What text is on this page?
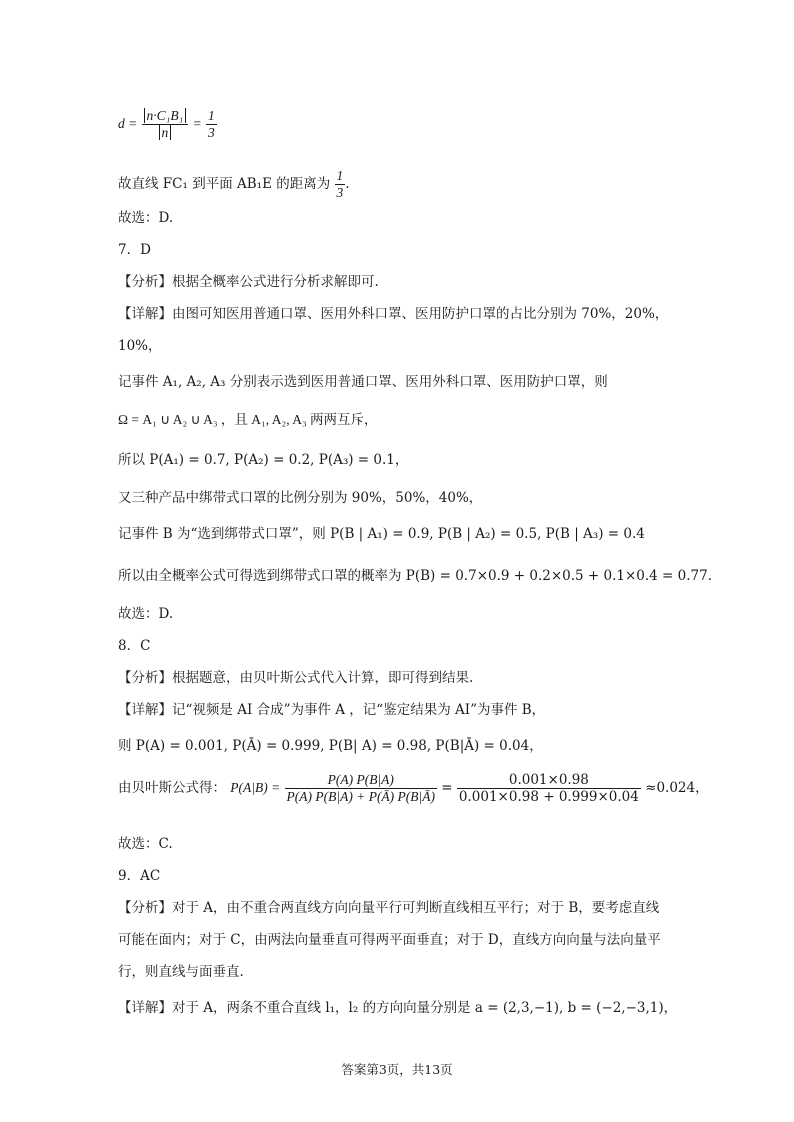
$d = \frac{\text{n·C₁B₁}}{n} = \frac{1}{3}$
故直线 FC₁ 到平面 AB₁E 的距离为 $\frac{1}{3}$ .
故选：D.
7．D
【分析】根据全概率公式进行分析求解即可.
【详解】由图可知医用普通口罩、医用外科口罩、医用防护口罩的占比分别为 70%，20%，
10%，
记事件 A₁, A₂, A₃ 分别表示选到医用普通口罩、医用外科口罩、医用防护口罩，则
Ω = A₁ ∪ A₂ ∪ A₃ ，且 A₁, A₂, A₃ 两两互斥，
所以 P(A₁) = 0.7, P(A₂) = 0.2, P(A₃) = 0.1，
又三种产品中绑带式口罩的比例分别为 90%，50%，40%，
记事件 B 为“选到绑带式口罩”，则 P(B | A₁) = 0.9, P(B | A₂) = 0.5, P(B | A₃) = 0.4
所以由全概率公式可得选到绑带式口罩的概率为 P(B) = 0.7×0.9 + 0.2×0.5 + 0.1×0.4 = 0.77.
故选：D.
8．C
【分析】根据题意，由贝叶斯公式代入计算，即可得到结果.
【详解】记“视频是 AI 合成”为事件 A ，记“鉴定结果为 AI”为事件 B，
则 P(A) = 0.001, P(Ā) = 0.999, P(B| A) = 0.98, P(B|Ā) = 0.04，
由贝叶斯公式得： $P(A|B) = \frac{P(A) P(B|A)}{P(A) P(B|A) + P(Ā) P(B|Ā)} = \frac{0.001\times 0.98}{0.001\times 0.98 + 0.999\times 0.04} \approx 0.024$，
故选：C.
9．AC
【分析】对于 A，由不重合两直线方向向量平行可判断直线相互平行；对于 B，要考虑直线
可能在面内；对于 C，由两法向量垂直可得两平面垂直；对于 D，直线方向向量与法向量平
行，则直线与面垂直.
【详解】对于 A，两条不重合直线 l₁，l₂ 的方向向量分别是 a = (2,3,−1), b = (−2,−3,1)，
答案第3页，共13页
